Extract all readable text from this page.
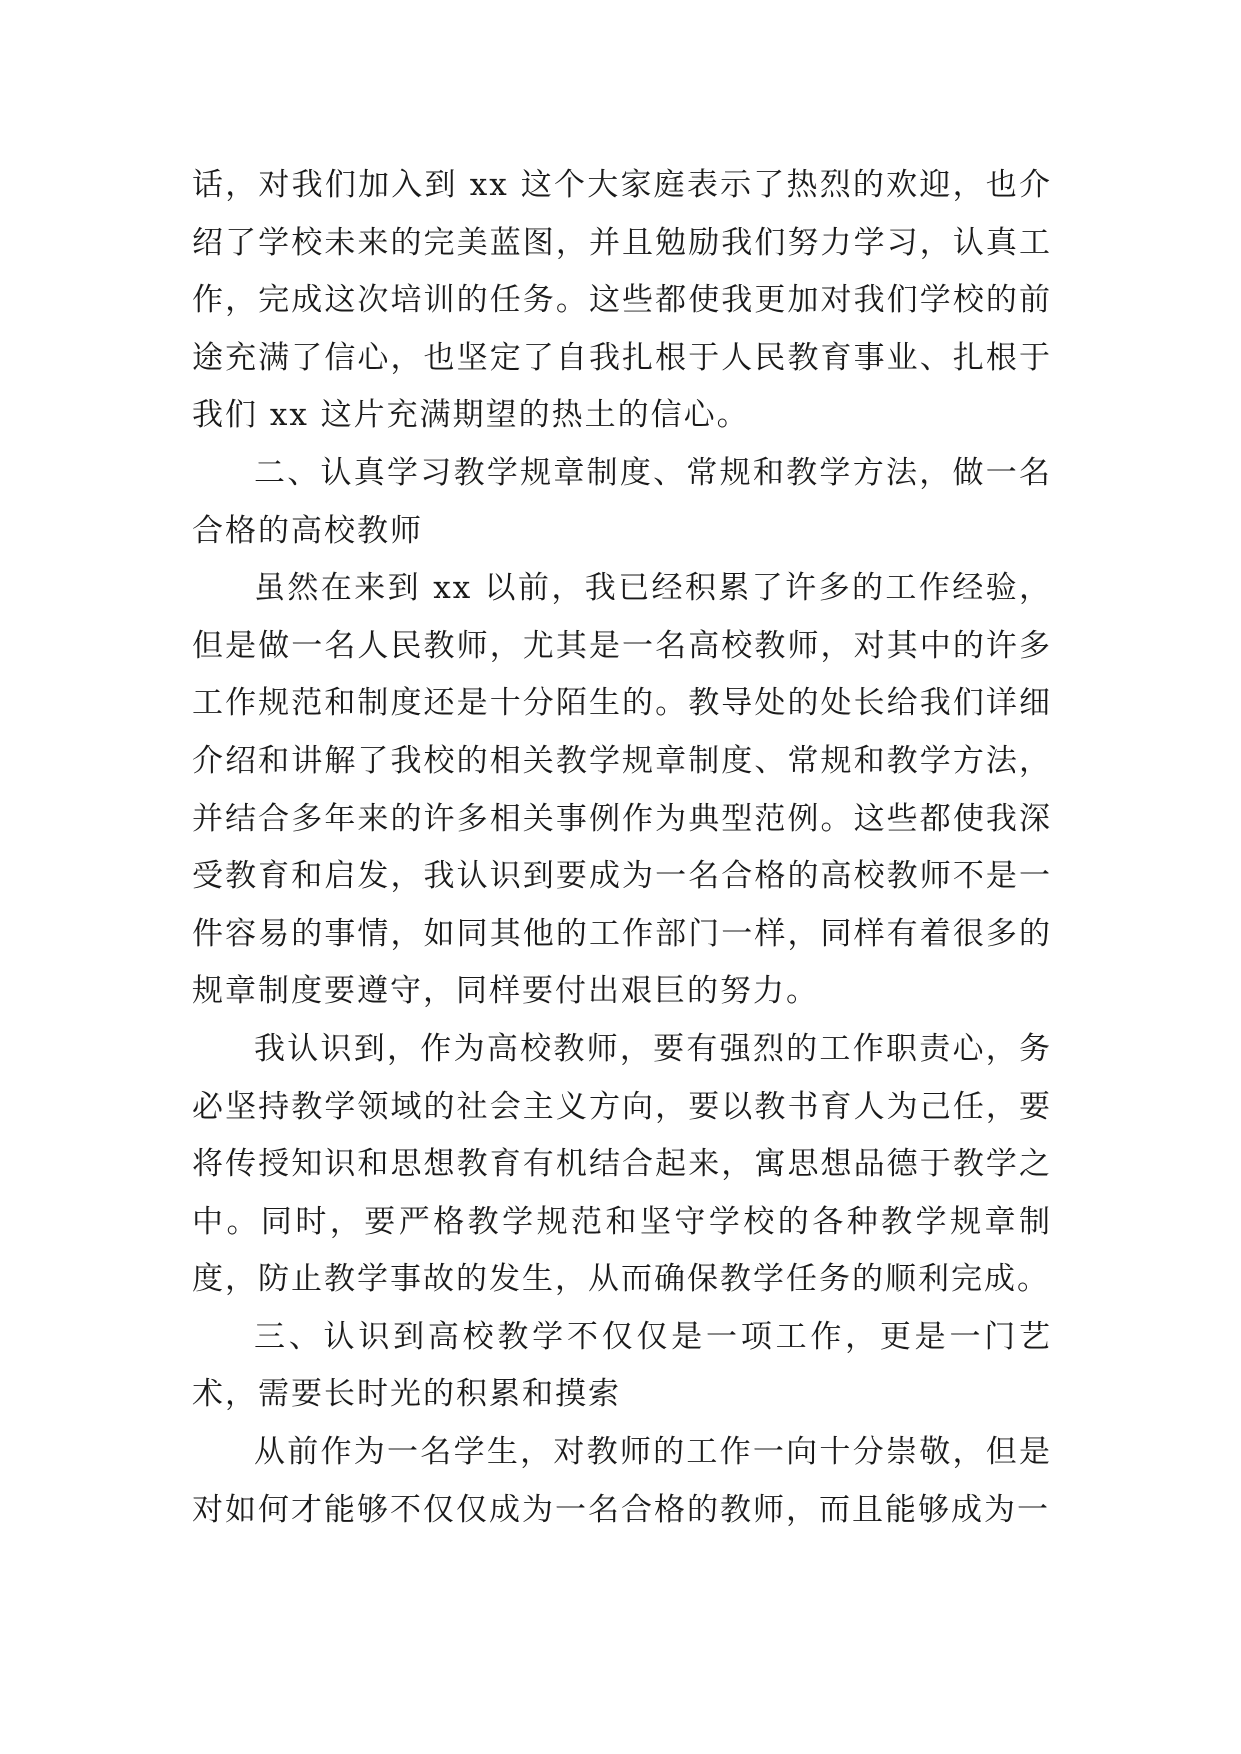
话，对我们加入到 xx 这个大家庭表示了热烈的欢迎，也介绍了学校未来的完美蓝图，并且勉励我们努力学习，认真工作，完成这次培训的任务。这些都使我更加对我们学校的前途充满了信心，也坚定了自我扎根于人民教育事业、扎根于我们 xx 这片充满期望的热土的信心。

二、认真学习教学规章制度、常规和教学方法，做一名合格的高校教师

虽然在来到 xx 以前，我已经积累了许多的工作经验，但是做一名人民教师，尤其是一名高校教师，对其中的许多工作规范和制度还是十分陌生的。教导处的处长给我们详细介绍和讲解了我校的相关教学规章制度、常规和教学方法，并结合多年来的许多相关事例作为典型范例。这些都使我深受教育和启发，我认识到要成为一名合格的高校教师不是一件容易的事情，如同其他的工作部门一样，同样有着很多的规章制度要遵守，同样要付出艰巨的努力。

我认识到，作为高校教师，要有强烈的工作职责心，务必坚持教学领域的社会主义方向，要以教书育人为己任，要将传授知识和思想教育有机结合起来，寓思想品德于教学之中。同时，要严格教学规范和坚守学校的各种教学规章制度，防止教学事故的发生，从而确保教学任务的顺利完成。

三、认识到高校教学不仅仅是一项工作，更是一门艺术，需要长时光的积累和摸索

从前作为一名学生，对教师的工作一向十分崇敬，但是对如何才能够不仅仅成为一名合格的教师，而且能够成为一
